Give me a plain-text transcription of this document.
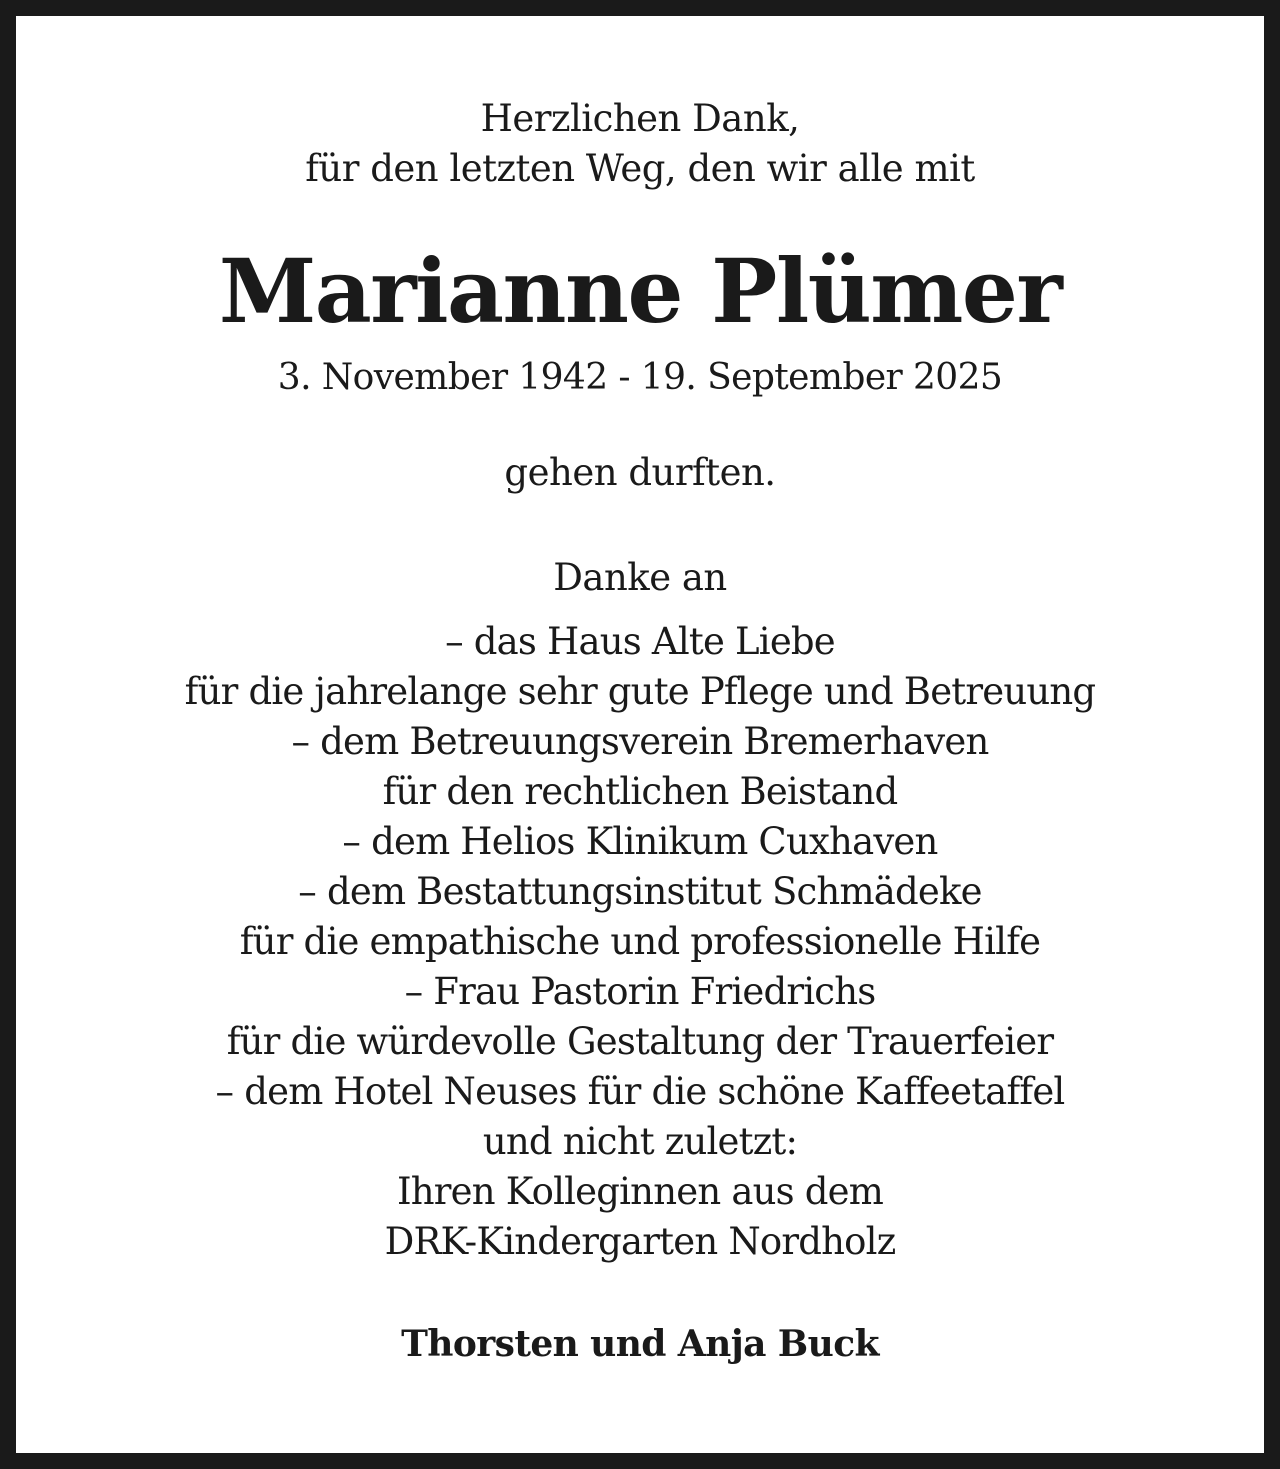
Herzlichen Dank,
für den letzten Weg, den wir alle mit
Marianne Plümer
3. November 1942 - 19. September 2025
gehen durften.
Danke an
– das Haus Alte Liebe
für die jahrelange sehr gute Pflege und Betreuung
– dem Betreuungsverein Bremerhaven
für den rechtlichen Beistand
– dem Helios Klinikum Cuxhaven
– dem Bestattungsinstitut Schmädeke
für die empathische und professionelle Hilfe
– Frau Pastorin Friedrichs
für die würdevolle Gestaltung der Trauerfeier
– dem Hotel Neuses für die schöne Kaffeetaffel
und nicht zuletzt:
Ihren Kolleginnen aus dem
DRK-Kindergarten Nordholz
Thorsten und Anja Buck
